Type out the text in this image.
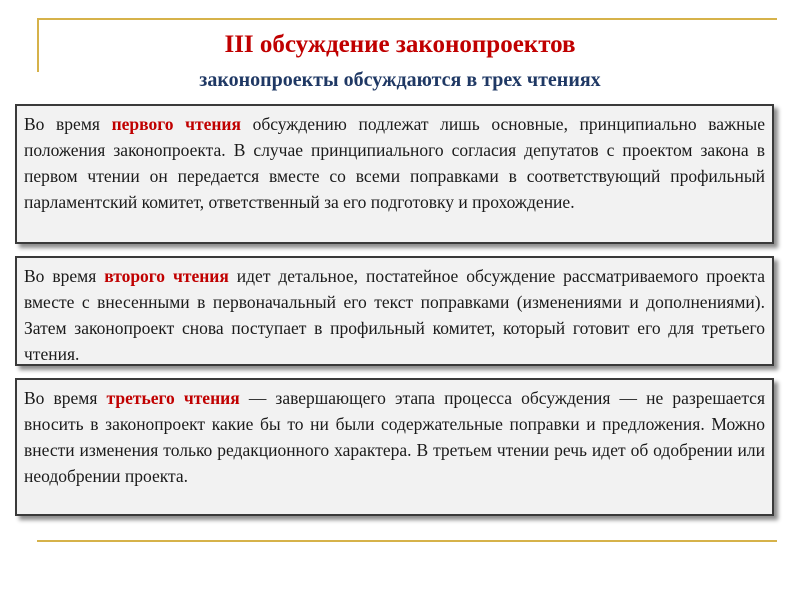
III обсуждение законопроектов
законопроекты обсуждаются в трех чтениях

Во время первого чтения обсуждению подлежат лишь основные, принципиально важные положения законопроекта. В случае принципиального согласия депутатов с проектом закона в первом чтении он передается вместе со всеми поправками в соответствующий профильный парламентский комитет, ответственный за его подготовку и прохождение.

Во время второго чтения идет детальное, постатейное обсуждение рассматриваемого проекта вместе с внесенными в первоначальный его текст поправками (изменениями и дополнениями). Затем законопроект снова поступает в профильный комитет, который готовит его для третьего чтения.

Во время третьего чтения — завершающего этапа процесса обсуждения — не разрешается вносить в законопроект какие бы то ни были содержательные поправки и предложения. Можно внести изменения только редакционного характера. В третьем чтении речь идет об одобрении или неодобрении проекта.
